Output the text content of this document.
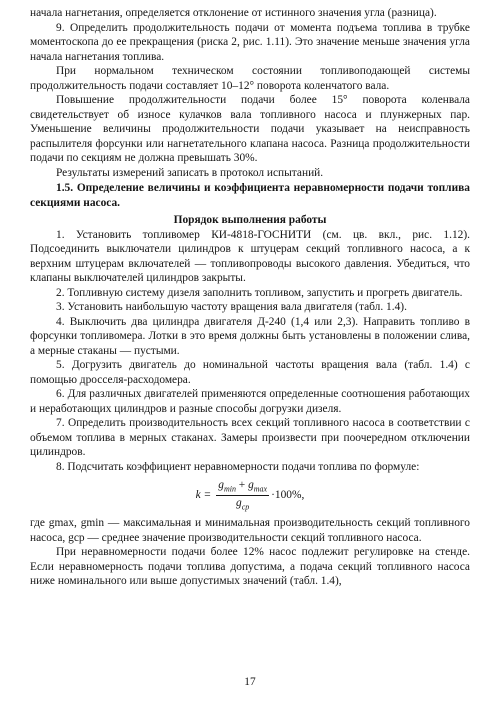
начала нагнетания, определяется отклонение от истинного значения угла (разница).

9. Определить продолжительность подачи от момента подъема топлива в трубке моментоскопа до ее прекращения (риска 2, рис. 1.11). Это значение меньше значения угла начала нагнетания топлива.

При нормальном техническом состоянии топливоподающей системы продолжительность подачи составляет 10–12° поворота коленчатого вала.

Повышение продолжительности подачи более 15° поворота коленвала свидетельствует об износе кулачков вала топливного насоса и плунжерных пар. Уменьшение величины продолжительности подачи указывает на неисправность распылителя форсунки или нагнетательного клапана насоса. Разница продолжительности подачи по секциям не должна превышать 30%.

Результаты измерений записать в протокол испытаний.

1.5. Определение величины и коэффициента неравномерности подачи топлива секциями насоса.

Порядок выполнения работы

1. Установить топливомер КИ-4818-ГОСНИТИ (см. цв. вкл., рис. 1.12). Подсоединить выключатели цилиндров к штуцерам секций топливного насоса, а к верхним штуцерам включателей — топливопроводы высокого давления. Убедиться, что клапаны выключателей цилиндров закрыты.

2. Топливную систему дизеля заполнить топливом, запустить и прогреть двигатель.

3. Установить наибольшую частоту вращения вала двигателя (табл. 1.4).

4. Выключить два цилиндра двигателя Д-240 (1,4 или 2,3). Направить топливо в форсунки топливомера. Лотки в это время должны быть установлены в положении слива, а мерные стаканы — пустыми.

5. Догрузить двигатель до номинальной частоты вращения вала (табл. 1.4) с помощью дросселя-расходомера.

6. Для различных двигателей применяются определенные соотношения работающих и неработающих цилиндров и разные способы догрузки дизеля.

7. Определить производительность всех секций топливного насоса в соответствии с объемом топлива в мерных стаканах. Замеры произвести при поочередном отключении цилиндров.

8. Подсчитать коэффициент неравномерности подачи топлива по формуле:

$k = \frac{g_{min} + g_{max}}{g_{ср}} \cdot 100\%$,

где gmax, gmin — максимальная и минимальная производительность секций топливного насоса, gср — среднее значение производительности секций топливного насоса.

При неравномерности подачи более 12% насос подлежит регулировке на стенде. Если неравномерность подачи топлива допустима, а подача секций топливного насоса ниже номинального или выше допустимых значений (табл. 1.4),

17
